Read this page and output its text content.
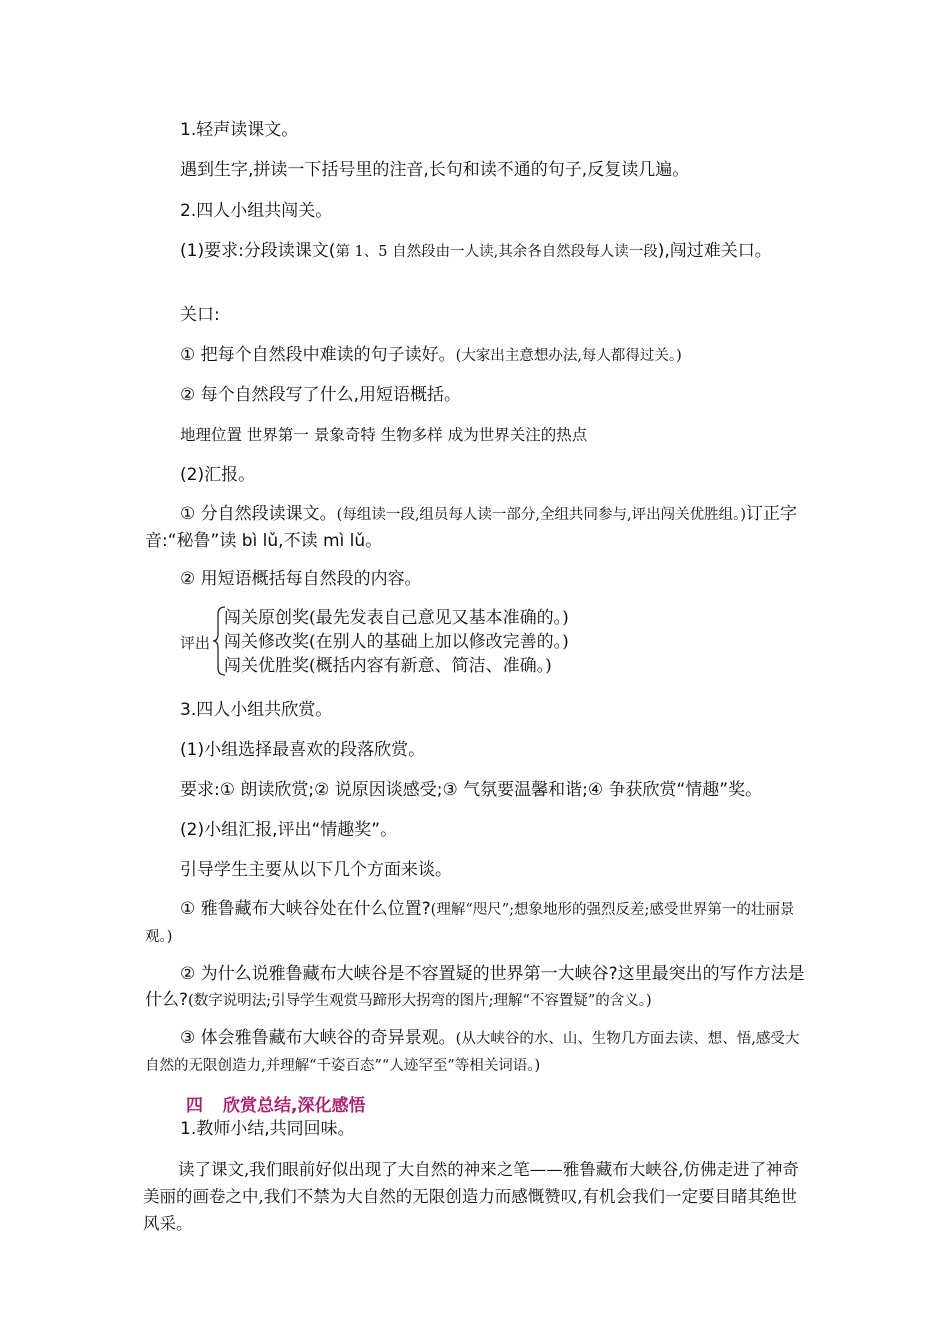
1.轻声读课文。
遇到生字,拼读一下括号里的注音,长句和读不通的句子,反复读几遍。
2.四人小组共闯关。
(1)要求:分段读课文(第 1、5 自然段由一人读,其余各自然段每人读一段),闯过难关口。
关口:
① 把每个自然段中难读的句子读好。(大家出主意想办法,每人都得过关。)
② 每个自然段写了什么,用短语概括。
地理位置 世界第一 景象奇特 生物多样 成为世界关注的热点
(2)汇报。
① 分自然段读课文。(每组读一段,组员每人读一部分,全组共同参与,评出闯关优胜组。)订正字音:“秘鲁”读 bì lǔ,不读 mì lǔ。
② 用短语概括每自然段的内容。
评出
闯关原创奖(最先发表自己意见又基本准确的。)
闯关修改奖(在别人的基础上加以修改完善的。)
闯关优胜奖(概括内容有新意、简洁、准确。)
3.四人小组共欣赏。
(1)小组选择最喜欢的段落欣赏。
要求:① 朗读欣赏;② 说原因谈感受;③ 气氛要温馨和谐;④ 争获欣赏“情趣”奖。
(2)小组汇报,评出“情趣奖”。
引导学生主要从以下几个方面来谈。
① 雅鲁藏布大峡谷处在什么位置?(理解“咫尺”;想象地形的强烈反差;感受世界第一的壮丽景观。)
② 为什么说雅鲁藏布大峡谷是不容置疑的世界第一大峡谷?这里最突出的写作方法是什么?(数字说明法;引导学生观赏马蹄形大拐弯的图片;理解“不容置疑”的含义。)
③ 体会雅鲁藏布大峡谷的奇异景观。(从大峡谷的水、山、生物几方面去读、想、悟,感受大自然的无限创造力,并理解“千姿百态”“人迹罕至”等相关词语。)
四 欣赏总结,深化感悟
1.教师小结,共同回味。
读了课文,我们眼前好似出现了大自然的神来之笔——雅鲁藏布大峡谷,仿佛走进了神奇美丽的画卷之中,我们不禁为大自然的无限创造力而感慨赞叹,有机会我们一定要目睹其绝世风采。
